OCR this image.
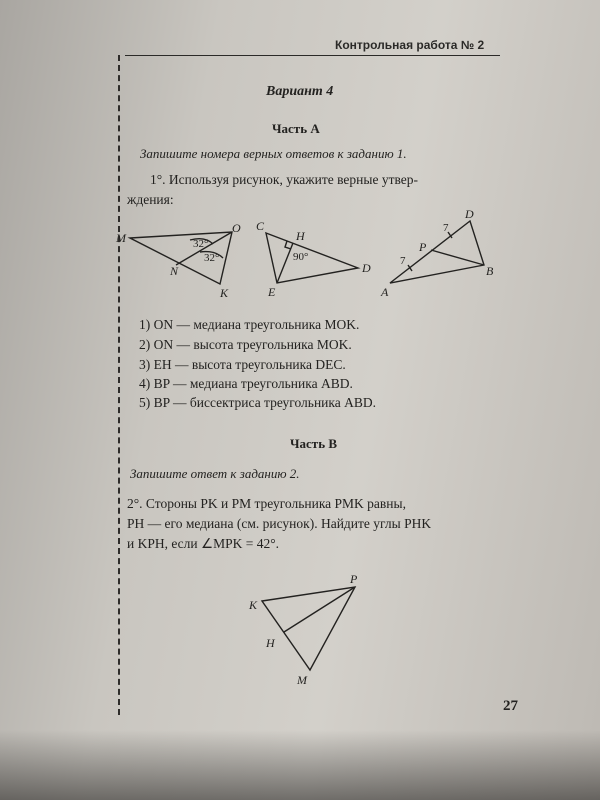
Контрольная работа № 2
Вариант 4
Часть А
Запишите номера верных ответов к заданию 1.
1°. Используя рисунок, укажите верные утвер-
ждения:
M
O
N
K
32°
32°
C
H
D
E
90°
D
P
A
B
7
7
P
K
H
M
1) ON — медиана треугольника MOK.
2) ON — высота треугольника MOK.
3) EH — высота треугольника DEC.
4) BP — медиана треугольника ABD.
5) BP — биссектриса треугольника ABD.
Часть В
Запишите ответ к заданию 2.
2°. Стороны PK и PM треугольника PMK равны,
PH — его медиана (см. рисунок). Найдите углы PHK
и KPH, если ∠MPK = 42°.
27
